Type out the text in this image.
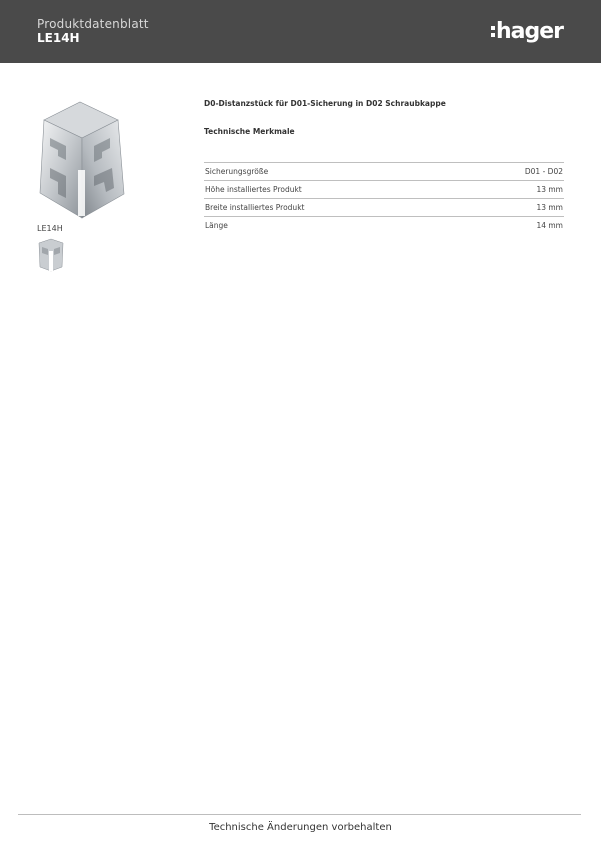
Produktdatenblatt
LE14H	hager
LE14H
D0-Distanzstück für D01-Sicherung in D02 Schraubkappe
Technische Merkmale
Sicherungsgröße	D01 - D02
Höhe installiertes Produkt	13 mm
Breite installiertes Produkt	13 mm
Länge	14 mm
Technische Änderungen vorbehalten
